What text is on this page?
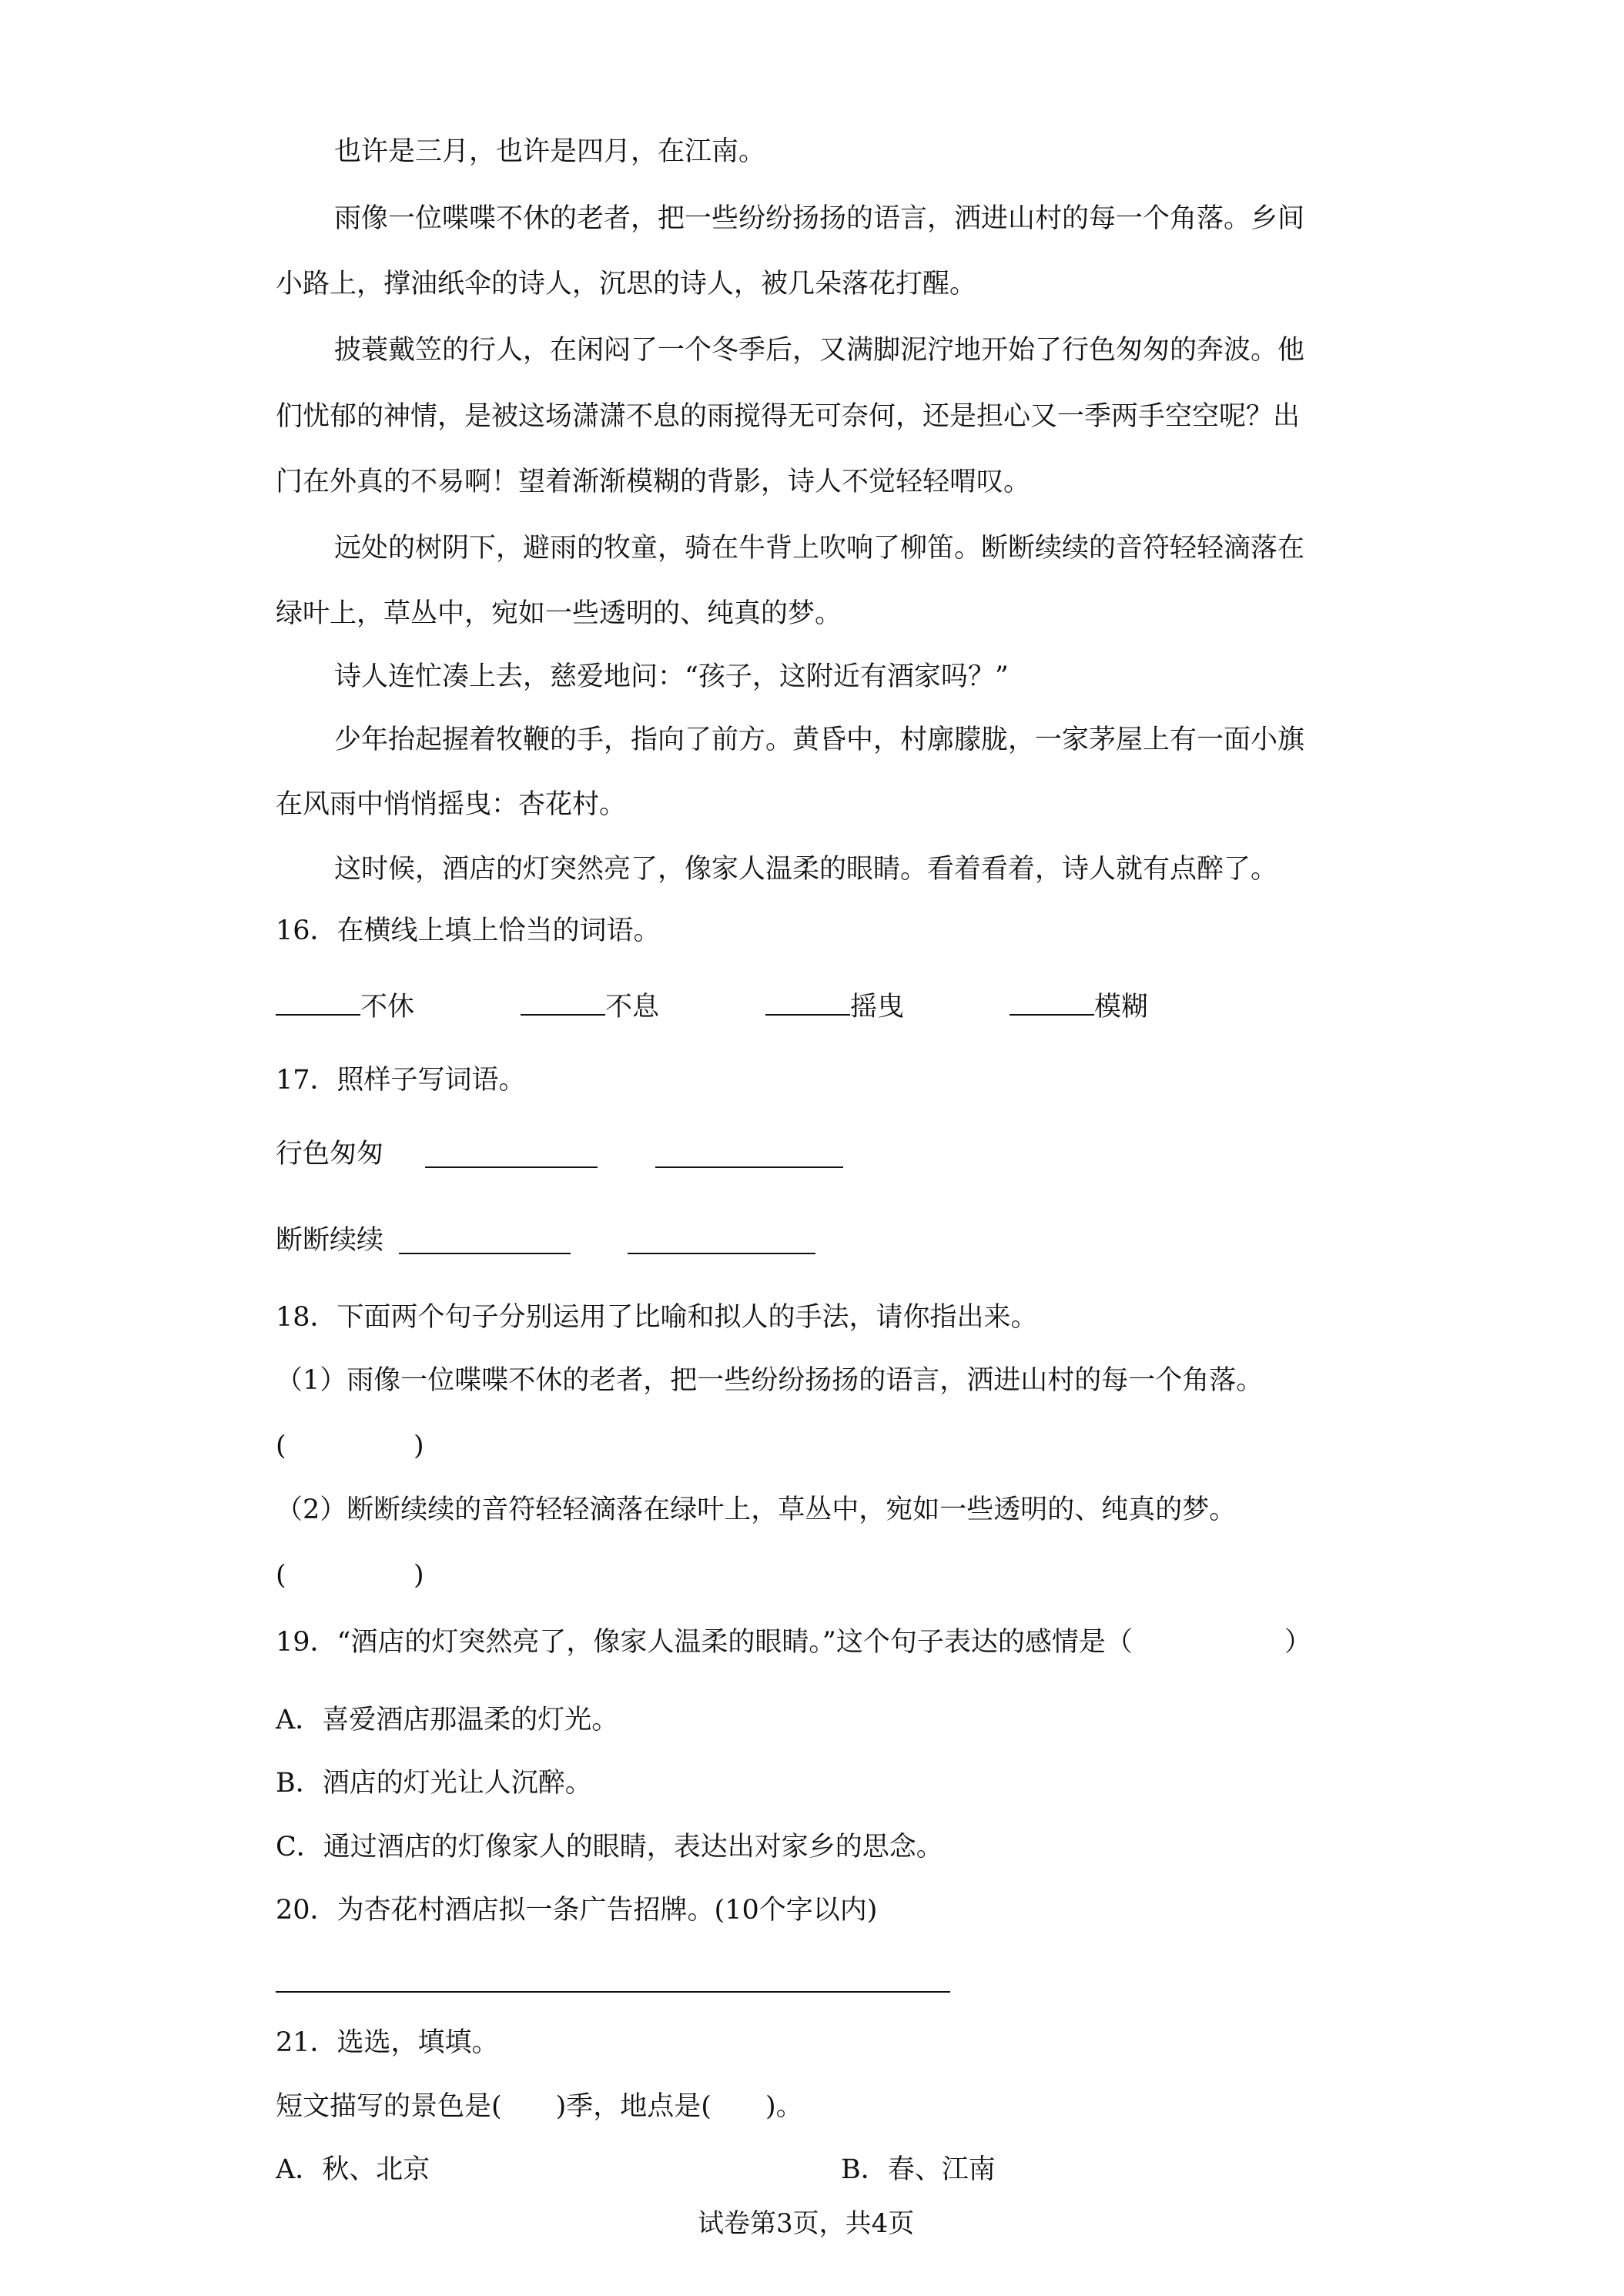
也许是三月，也许是四月，在江南。
雨像一位喋喋不休的老者，把一些纷纷扬扬的语言，洒进山村的每一个角落。乡间
小路上，撑油纸伞的诗人，沉思的诗人，被几朵落花打醒。
披蓑戴笠的行人，在闲闷了一个冬季后，又满脚泥泞地开始了行色匆匆的奔波。他
们忧郁的神情，是被这场潇潇不息的雨搅得无可奈何，还是担心又一季两手空空呢？出
门在外真的不易啊！望着渐渐模糊的背影，诗人不觉轻轻喟叹。
远处的树阴下，避雨的牧童，骑在牛背上吹响了柳笛。断断续续的音符轻轻滴落在
绿叶上，草丛中，宛如一些透明的、纯真的梦。
诗人连忙凑上去，慈爱地问：“孩子，这附近有酒家吗？”
少年抬起握着牧鞭的手，指向了前方。黄昏中，村廓朦胧，一家茅屋上有一面小旗
在风雨中悄悄摇曳：杏花村。
这时候，酒店的灯突然亮了，像家人温柔的眼睛。看着看着，诗人就有点醉了。
16．在横线上填上恰当的词语。
不休	不息	摇曳	模糊
17．照样子写词语。
行色匆匆
断断续续
18．下面两个句子分别运用了比喻和拟人的手法，请你指出来。
（1）雨像一位喋喋不休的老者，把一些纷纷扬扬的语言，洒进山村的每一个角落。
(	)
（2）断断续续的音符轻轻滴落在绿叶上，草丛中，宛如一些透明的、纯真的梦。
(	)
19．“酒店的灯突然亮了，像家人温柔的眼睛。”这个句子表达的感情是（	）
A．喜爱酒店那温柔的灯光。
B．酒店的灯光让人沉醉。
C．通过酒店的灯像家人的眼睛，表达出对家乡的思念。
20．为杏花村酒店拟一条广告招牌。(10个字以内)
21．选选，填填。
短文描写的景色是(　　)季，地点是(　　)。
A．秋、北京	B．春、江南
试卷第3页，共4页
